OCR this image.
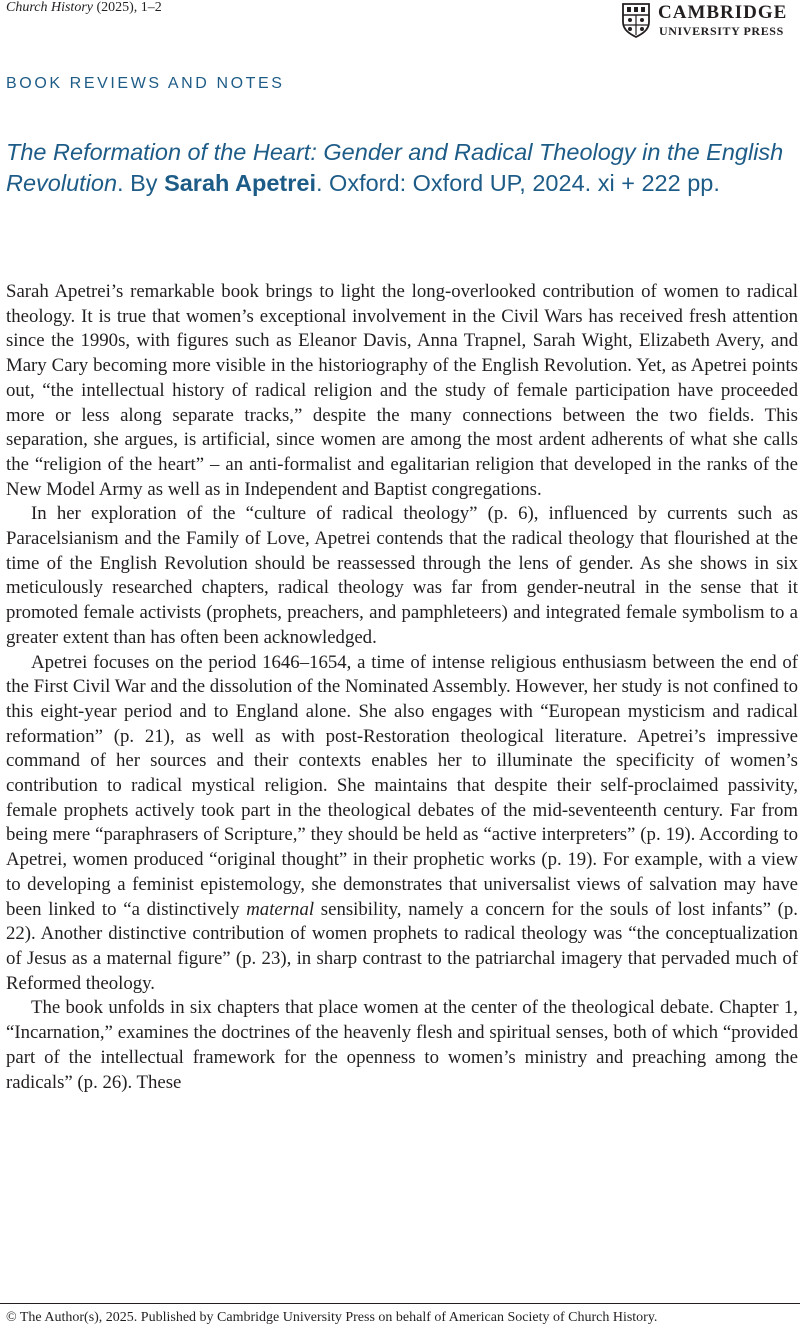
Church History (2025), 1–2	CAMBRIDGE
UNIVERSITY PRESS
BOOK REVIEWS AND NOTES
The Reformation of the Heart: Gender and Radical Theology in the English Revolution. By Sarah Apetrei. Oxford: Oxford UP, 2024. xi + 222 pp.

Sarah Apetrei’s remarkable book brings to light the long-overlooked contribution of women to radical theology. It is true that women’s exceptional involvement in the Civil Wars has received fresh attention since the 1990s, with figures such as Eleanor Davis, Anna Trapnel, Sarah Wight, Elizabeth Avery, and Mary Cary becoming more visible in the historiography of the English Revolution. Yet, as Apetrei points out, “the intellectual history of radical religion and the study of female participation have proceeded more or less along separate tracks,” despite the many connections between the two fields. This separation, she argues, is artificial, since women are among the most ardent adherents of what she calls the “religion of the heart” – an anti-formalist and egalitarian religion that developed in the ranks of the New Model Army as well as in Independent and Baptist congregations.

In her exploration of the “culture of radical theology” (p. 6), influenced by currents such as Paracelsianism and the Family of Love, Apetrei contends that the radical theology that flourished at the time of the English Revolution should be reassessed through the lens of gender. As she shows in six meticulously researched chapters, radical theology was far from gender-neutral in the sense that it promoted female activists (prophets, preachers, and pamphleteers) and integrated female symbolism to a greater extent than has often been acknowledged.

Apetrei focuses on the period 1646–1654, a time of intense religious enthusiasm between the end of the First Civil War and the dissolution of the Nominated Assembly. However, her study is not confined to this eight-year period and to England alone. She also engages with “European mysticism and radical reformation” (p. 21), as well as with post-Restoration theological literature. Apetrei’s impressive command of her sources and their contexts enables her to illuminate the specificity of women’s contribution to radical mystical religion. She maintains that despite their self-proclaimed passivity, female prophets actively took part in the theological debates of the mid-seventeenth century. Far from being mere “paraphrasers of Scripture,” they should be held as “active interpreters” (p. 19). According to Apetrei, women produced “original thought” in their prophetic works (p. 19). For example, with a view to developing a feminist epistemology, she demonstrates that universalist views of salvation may have been linked to “a distinctively maternal sensibility, namely a concern for the souls of lost infants” (p. 22). Another distinctive contribution of women prophets to radical theology was “the conceptualization of Jesus as a maternal figure” (p. 23), in sharp contrast to the patriarchal imagery that pervaded much of Reformed theology.

The book unfolds in six chapters that place women at the center of the theological debate. Chapter 1, “Incarnation,” examines the doctrines of the heavenly flesh and spiritual senses, both of which “provided part of the intellectual framework for the openness to women’s ministry and preaching among the radicals” (p. 26). These

© The Author(s), 2025. Published by Cambridge University Press on behalf of American Society of Church History.
